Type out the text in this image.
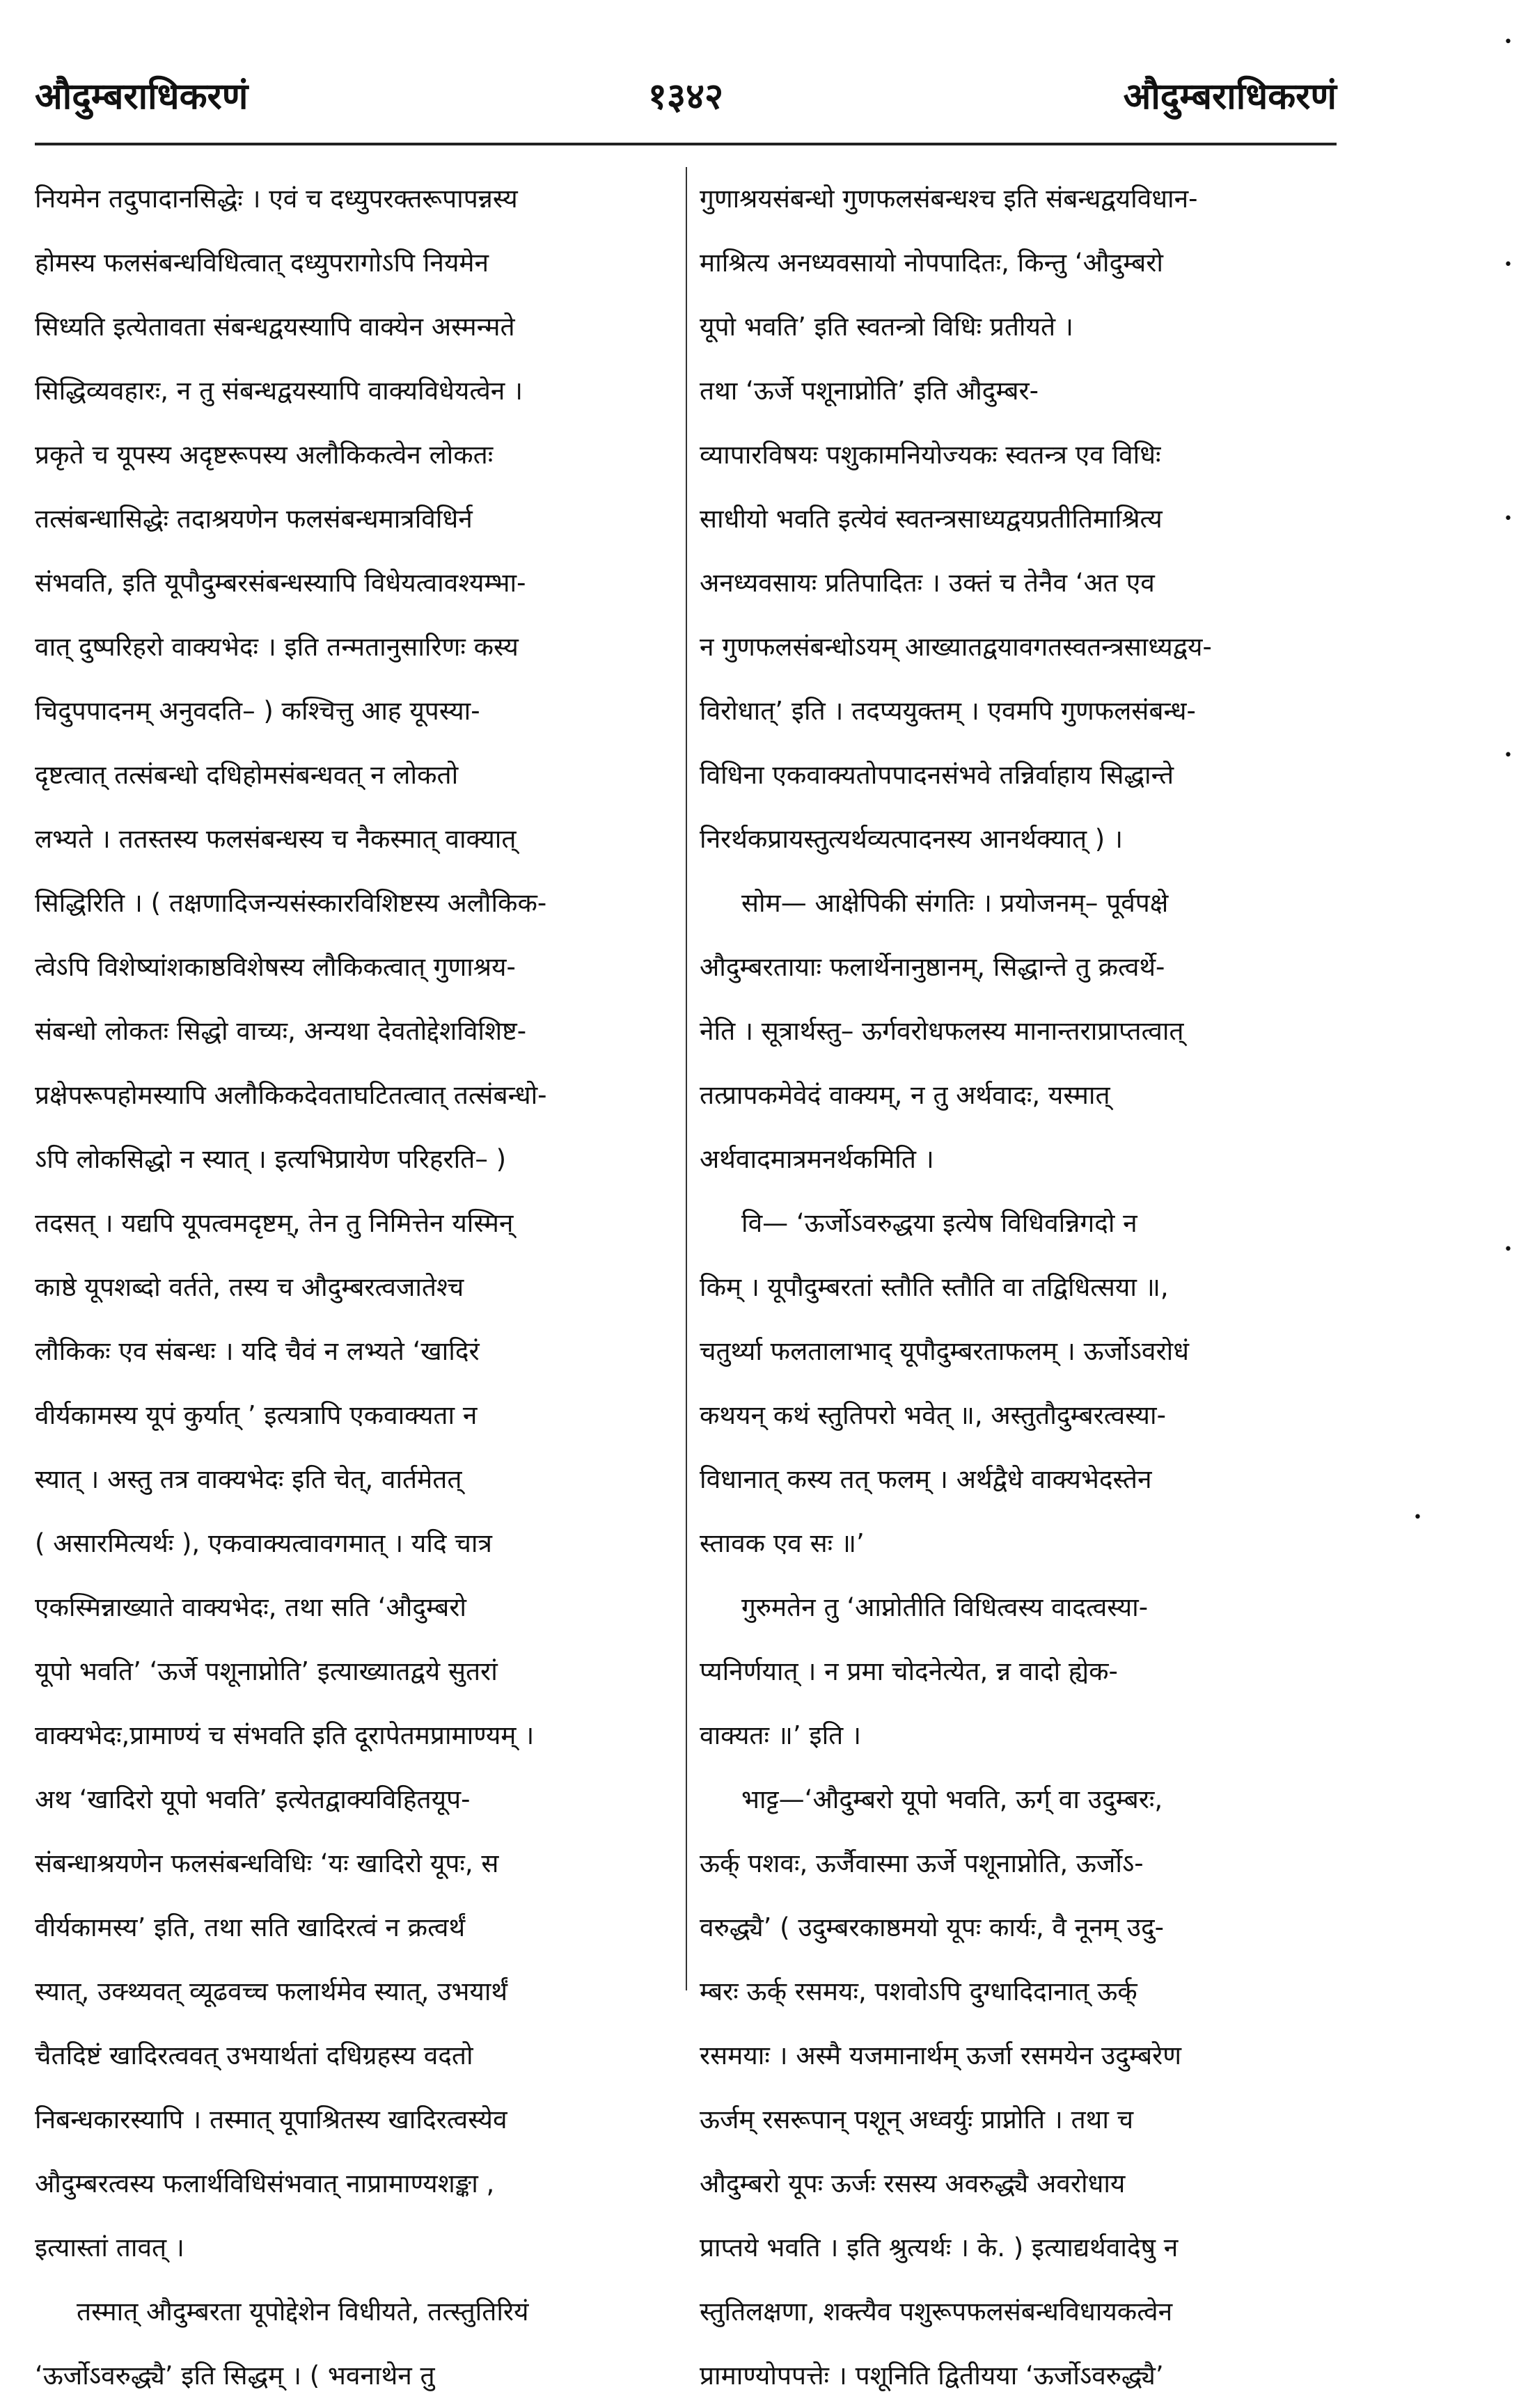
औदुम्बराधिकरणं	१३४२	औदुम्बराधिकरणं
नियमेन तदुपादानसिद्धेः । एवं च दध्युपरक्तरूपापन्नस्य
होमस्य फलसंबन्धविधित्वात् दध्युपरागोऽपि नियमेन
सिध्यति इत्येतावता संबन्धद्वयस्यापि वाक्येन अस्मन्मते
सिद्धिव्यवहारः, न तु संबन्धद्वयस्यापि वाक्यविधेयत्वेन ।
प्रकृते च यूपस्य अदृष्टरूपस्य अलौकिकत्वेन लोकतः
तत्संबन्धासिद्धेः तदाश्रयणेन फलसंबन्धमात्रविधिर्न
संभवति, इति यूपौदुम्बरसंबन्धस्यापि विधेयत्वावश्यम्भा-
वात् दुष्परिहरो वाक्यभेदः । इति तन्मतानुसारिणः कस्य
चिदुपपादनम् अनुवदति– ) कश्चित्तु आह यूपस्या-
दृष्टत्वात् तत्संबन्धो दधिहोमसंबन्धवत् न लोकतो
लभ्यते । ततस्तस्य फलसंबन्धस्य च नैकस्मात् वाक्यात्
सिद्धिरिति । ( तक्षणादिजन्यसंस्कारविशिष्टस्य अलौकिक-
त्वेऽपि विशेष्यांशकाष्ठविशेषस्य लौकिकत्वात् गुणाश्रय-
संबन्धो लोकतः सिद्धो वाच्यः, अन्यथा देवतोद्देशविशिष्ट-
प्रक्षेपरूपहोमस्यापि अलौकिकदेवताघटितत्वात् तत्संबन्धो-
ऽपि लोकसिद्धो न स्यात् । इत्यभिप्रायेण परिहरति– )
तदसत् । यद्यपि यूपत्वमदृष्टम्, तेन तु निमित्तेन यस्मिन्
काष्ठे यूपशब्दो वर्तते, तस्य च औदुम्बरत्वजातेश्च
लौकिकः एव संबन्धः । यदि चैवं न लभ्यते ‘खादिरं
वीर्यकामस्य यूपं कुर्यात् ’ इत्यत्रापि एकवाक्यता न
स्यात् । अस्तु तत्र वाक्यभेदः इति चेत्, वार्तमेतत्
( असारमित्यर्थः ), एकवाक्यत्वावगमात् । यदि चात्र
एकस्मिन्नाख्याते वाक्यभेदः, तथा सति ‘औदुम्बरो
यूपो भवति’ ‘ऊर्जे पशूनाप्नोति’ इत्याख्यातद्वये सुतरां
वाक्यभेदः,प्रामाण्यं च संभवति इति दूरापेतमप्रामाण्यम् ।
अथ ‘खादिरो यूपो भवति’ इत्येतद्वाक्यविहितयूप-
संबन्धाश्रयणेन फलसंबन्धविधिः ‘यः खादिरो यूपः, स
वीर्यकामस्य’ इति, तथा सति खादिरत्वं न क्रत्वर्थं
स्यात्, उक्थ्यवत् व्यूढवच्च फलार्थमेव स्यात्, उभयार्थं
चैतदिष्टं खादिरत्ववत् उभयार्थतां दधिग्रहस्य वदतो
निबन्धकारस्यापि । तस्मात् यूपाश्रितस्य खादिरत्वस्येव
औदुम्बरत्वस्य फलार्थविधिसंभवात् नाप्रामाण्यशङ्का ,
इत्यास्तां तावत् ।
तस्मात् औदुम्बरता यूपोद्देशेन विधीयते, तत्स्तुतिरियं
‘ऊर्जोऽवरुद्ध्यै’ इति सिद्धम् । ( भवनाथेन तु
गुणाश्रयसंबन्धो गुणफलसंबन्धश्च इति संबन्धद्वयविधान-
माश्रित्य अनध्यवसायो नोपपादितः, किन्तु ‘औदुम्बरो
यूपो भवति’ इति स्वतन्त्रो विधिः प्रतीयते ।
तथा ‘ऊर्जे पशूनाप्नोति’ इति औदुम्बर-
व्यापारविषयः पशुकामनियोज्यकः स्वतन्त्र एव विधिः
साधीयो भवति इत्येवं स्वतन्त्रसाध्यद्वयप्रतीतिमाश्रित्य
अनध्यवसायः प्रतिपादितः । उक्तं च तेनैव ‘अत एव
न गुणफलसंबन्धोऽयम् आख्यातद्वयावगतस्वतन्त्रसाध्यद्वय-
विरोधात्’ इति । तदप्ययुक्तम् । एवमपि गुणफलसंबन्ध-
विधिना एकवाक्यतोपपादनसंभवे तन्निर्वाहाय सिद्धान्ते
निरर्थकप्रायस्तुत्यर्थव्यत्पादनस्य आनर्थक्यात् ) ।
सोम— आक्षेपिकी संगतिः । प्रयोजनम्– पूर्वपक्षे
औदुम्बरतायाः फलार्थेनानुष्ठानम्, सिद्धान्ते तु क्रत्वर्थे-
नेति । सूत्रार्थस्तु– ऊर्गवरोधफलस्य मानान्तराप्राप्तत्वात्
तत्प्रापकमेवेदं वाक्यम्, न तु अर्थवादः, यस्मात्
अर्थवादमात्रमनर्थकमिति ।
वि— ‘ऊर्जोऽवरुद्धया इत्येष विधिवन्निगदो न
किम् । यूपौदुम्बरतां स्तौति स्तौति वा तद्विधित्सया ॥,
चतुर्थ्या फलतालाभाद् यूपौदुम्बरताफलम् । ऊर्जोऽवरोधं
कथयन् कथं स्तुतिपरो भवेत् ॥, अस्तुतौदुम्बरत्वस्या-
विधानात् कस्य तत् फलम् । अर्थद्वैधे वाक्यभेदस्तेन
स्तावक एव सः ॥’
गुरुमतेन तु ‘आप्नोतीति विधित्वस्य वादत्वस्या-
प्यनिर्णयात् । न प्रमा चोदनेत्येत, न्न वादो ह्येक-
वाक्यतः ॥’ इति ।
भाट्ट—‘औदुम्बरो यूपो भवति, ऊर्ग् वा उदुम्बरः,
ऊर्क् पशवः, ऊर्जैवास्मा ऊर्जे पशूनाप्नोति, ऊर्जोऽ-
वरुद्ध्यै’ ( उदुम्बरकाष्ठमयो यूपः कार्यः, वै नूनम् उदु-
म्बरः ऊर्क् रसमयः, पशवोऽपि दुग्धादिदानात् ऊर्क्
रसमयाः । अस्मै यजमानार्थम् ऊर्जा रसमयेन उदुम्बरेण
ऊर्जम् रसरूपान् पशून् अध्वर्युः प्राप्नोति । तथा च
औदुम्बरो यूपः ऊर्जः रसस्य अवरुद्ध्यै अवरोधाय
प्राप्तये भवति । इति श्रुत्यर्थः । के. ) इत्याद्यर्थवादेषु न
स्तुतिलक्षणा, शक्त्यैव पशुरूपफलसंबन्धविधायकत्वेन
प्रामाण्योपपत्तेः । पशूनिति द्वितीयया ‘ऊर्जोऽवरुद्ध्यै’
•
•
•
•
•
•
